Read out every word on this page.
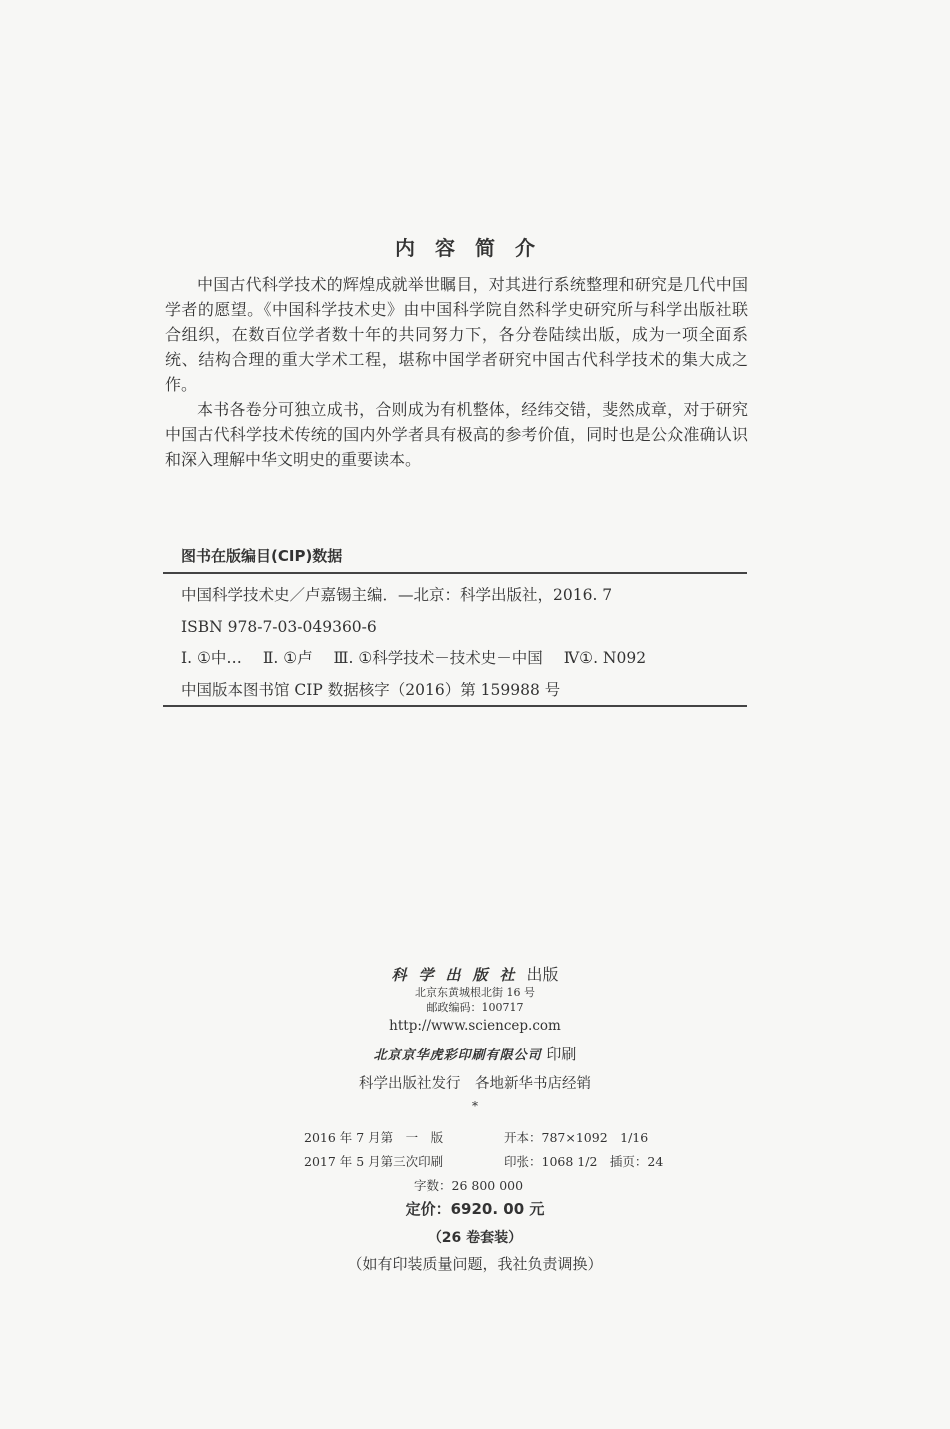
内容简介

中国古代科学技术的辉煌成就举世瞩目，对其进行系统整理和研究是几代中国学者的愿望。《中国科学技术史》由中国科学院自然科学史研究所与科学出版社联合组织，在数百位学者数十年的共同努力下，各分卷陆续出版，成为一项全面系统、结构合理的重大学术工程，堪称中国学者研究中国古代科学技术的集大成之作。

本书各卷分可独立成书，合则成为有机整体，经纬交错，斐然成章，对于研究中国古代科学技术传统的国内外学者具有极高的参考价值，同时也是公众准确认识和深入理解中华文明史的重要读本。

图书在版编目(CIP)数据
中国科学技术史／卢嘉锡主编．—北京：科学出版社，2016. 7
ISBN 978-7-03-049360-6
Ⅰ. ①中… Ⅱ. ①卢 Ⅲ. ①科学技术－技术史－中国 Ⅳ①. N092
中国版本图书馆 CIP 数据核字（2016）第 159988 号
科学出版社出版
北京东黄城根北街 16 号
邮政编码：100717
http://www.sciencep.com
北京京华虎彩印刷有限公司 印刷
科学出版社发行　各地新华书店经销
*
2016 年 7 月第　一　版	开本：787×1092　1/16
2017 年 5 月第三次印刷	印张：1068 1/2　插页：24
字数：26 800 000
定价：6920. 00 元
（26 卷套装）
（如有印装质量问题，我社负责调换）
